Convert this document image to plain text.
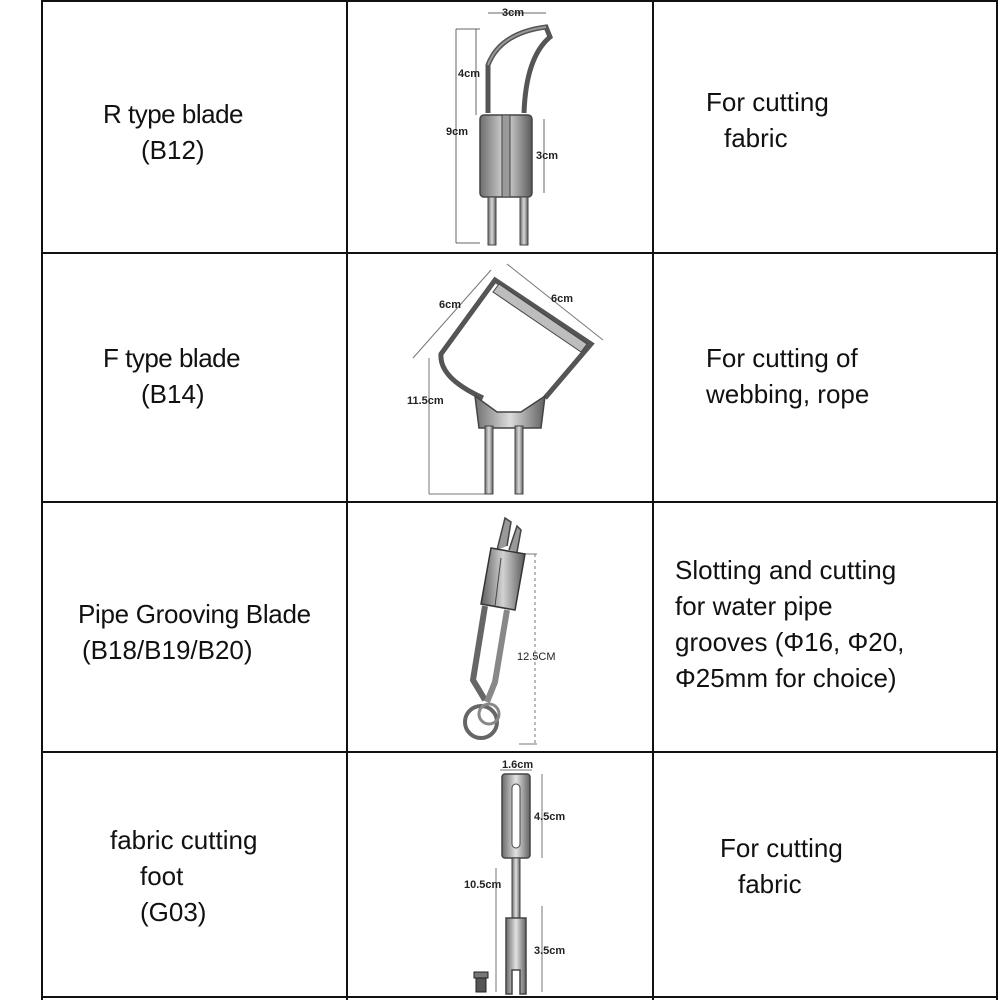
R type blade
(B12)
For cutting
fabric
3cm
4cm
9cm
3cm
F type blade
(B14)
For cutting of
webbing, rope
6cm	6cm
11.5cm
Pipe Grooving Blade
(B18/B19/B20)
Slotting and cutting
for water pipe
grooves (Φ16, Φ20,
Φ25mm for choice)
12.5CM
fabric cutting
foot
(G03)
For cutting
fabric
1.6cm
4.5cm
10.5cm
3.5cm
